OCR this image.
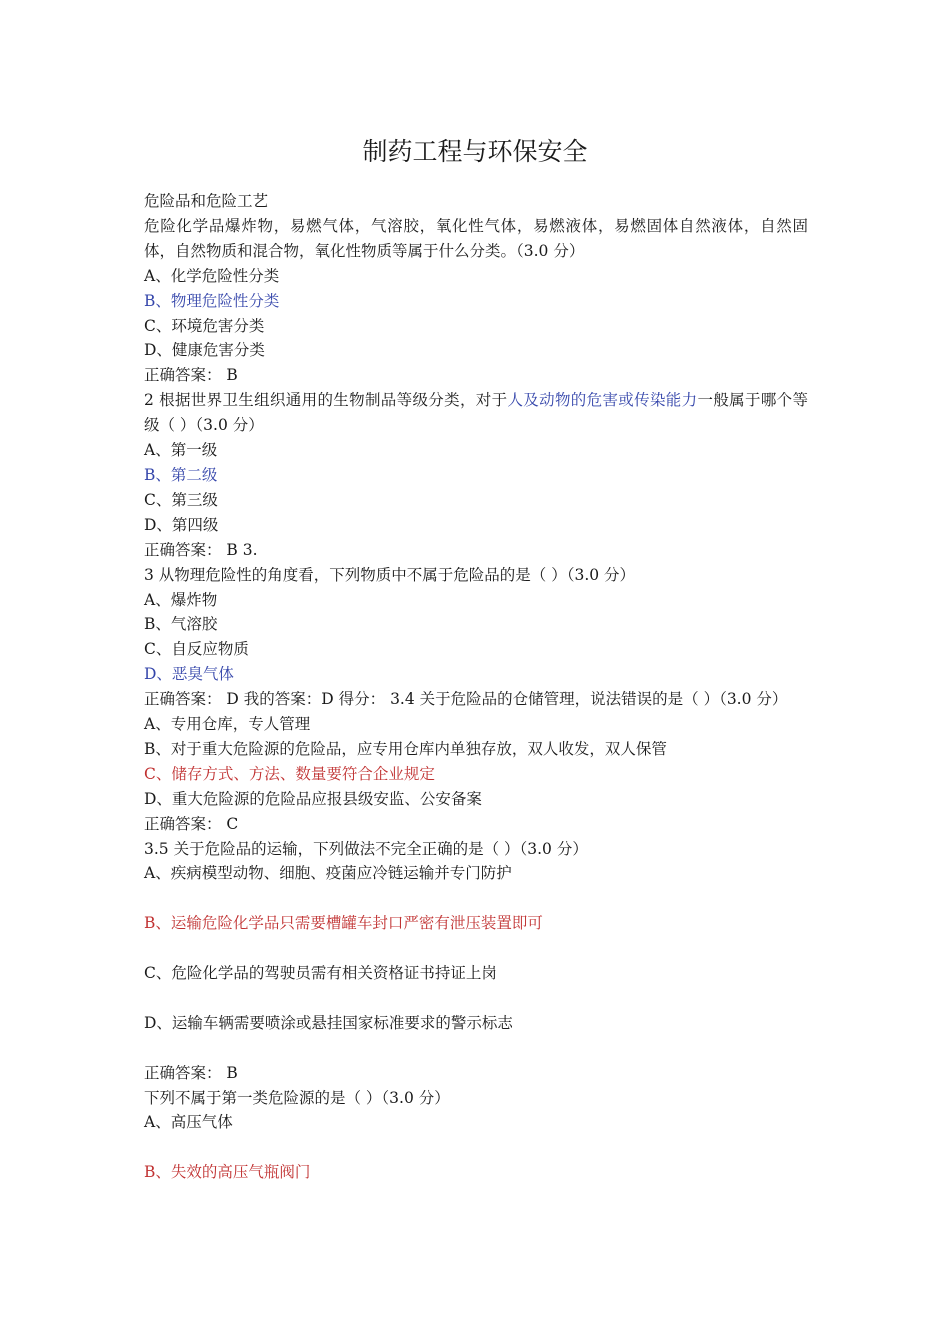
制药工程与环保安全
危险品和危险工艺
危险化学品爆炸物，易燃气体，气溶胶，氧化性气体，易燃液体，易燃固体自然液体，自然固体，自然物质和混合物，氧化性物质等属于什么分类。（3.0 分）
A、化学危险性分类
B、物理危险性分类
C、环境危害分类
D、健康危害分类
正确答案： B
2 根据世界卫生组织通用的生物制品等级分类，对于人及动物的危害或传染能力一般属于哪个等级（ ）（3.0 分）
A、第一级
B、第二级
C、第三级
D、第四级
正确答案： B 3.
3 从物理危险性的角度看，下列物质中不属于危险品的是（ ）（3.0 分）
A、爆炸物
B、气溶胶
C、自反应物质
D、恶臭气体
正确答案： D 我的答案：D 得分： 3.4 关于危险品的仓储管理，说法错误的是（ ）（3.0 分）
A、专用仓库，专人管理
B、对于重大危险源的危险品，应专用仓库内单独存放，双人收发，双人保管
C、储存方式、方法、数量要符合企业规定
D、重大危险源的危险品应报县级安监、公安备案
正确答案： C
3.5 关于危险品的运输，下列做法不完全正确的是（ ）（3.0 分）
A、疾病模型动物、细胞、疫菌应冷链运输并专门防护
B、运输危险化学品只需要槽罐车封口严密有泄压装置即可
C、危险化学品的驾驶员需有相关资格证书持证上岗
D、运输车辆需要喷涂或悬挂国家标准要求的警示标志
正确答案： B
下列不属于第一类危险源的是（ ）（3.0 分）
A、高压气体
B、失效的高压气瓶阀门
